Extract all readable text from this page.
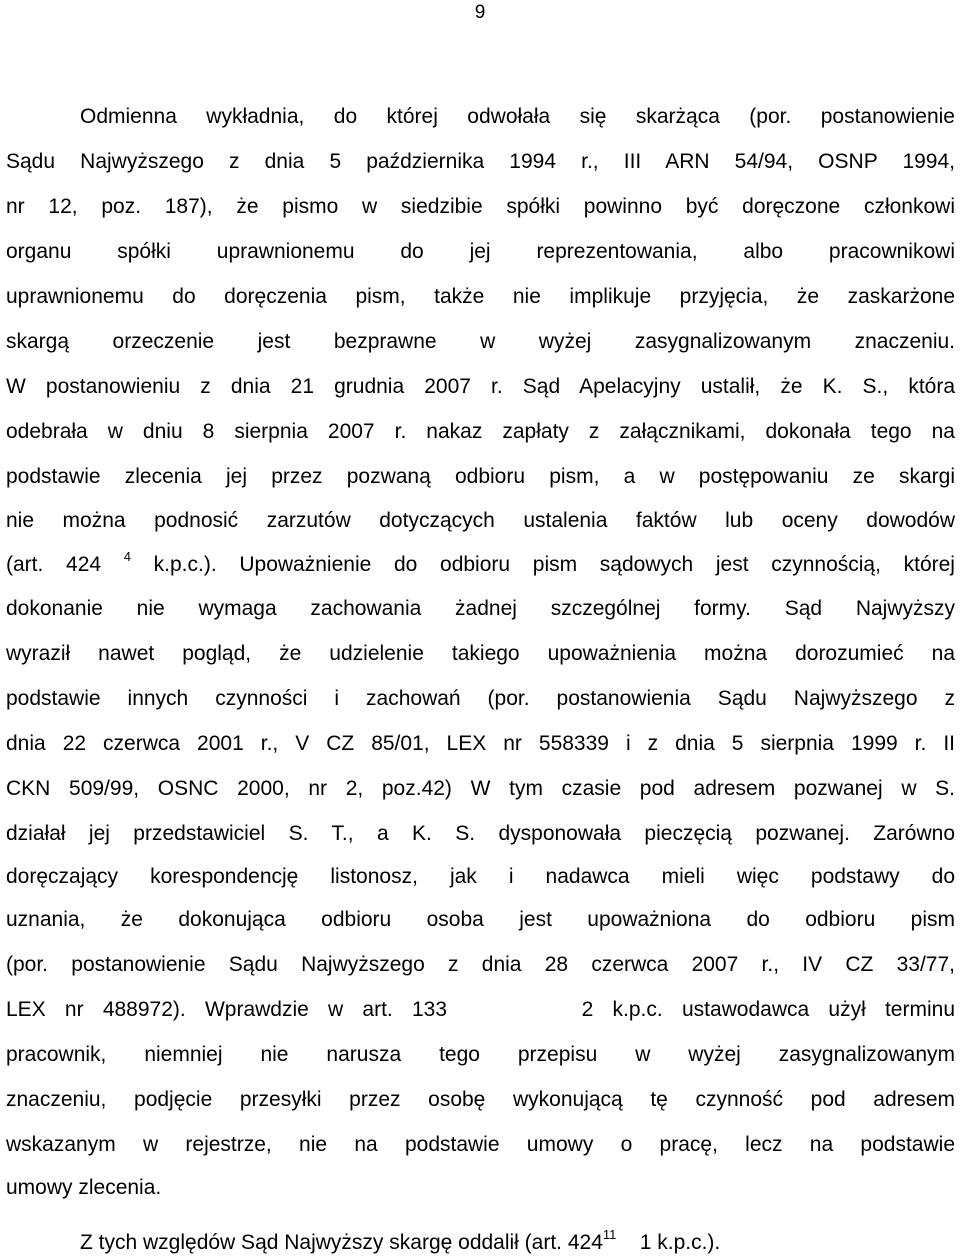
9
Odmienna wykładnia, do której odwołała się skarżąca (por. postanowienie
Sądu Najwyższego z dnia 5 października 1994 r., III ARN 54/94, OSNP 1994,
nr 12, poz. 187), że pismo w siedzibie spółki powinno być doręczone członkowi
organu spółki uprawnionemu do jej reprezentowania, albo pracownikowi
uprawnionemu do doręczenia pism, także nie implikuje przyjęcia, że zaskarżone
skargą orzeczenie jest bezprawne w wyżej zasygnalizowanym znaczeniu.
W postanowieniu z dnia 21 grudnia 2007 r. Sąd Apelacyjny ustalił, że K. S., która
odebrała w dniu 8 sierpnia 2007 r. nakaz zapłaty z załącznikami, dokonała tego na
podstawie zlecenia jej przez pozwaną odbioru pism, a w postępowaniu ze skargi
nie można podnosić zarzutów dotyczących ustalenia faktów lub oceny dowodów
(art. 424 $^4$ k.p.c.). Upoważnienie do odbioru pism sądowych jest czynnością, której
dokonanie nie wymaga zachowania żadnej szczególnej formy. Sąd Najwyższy
wyraził nawet pogląd, że udzielenie takiego upoważnienia można dorozumieć na
podstawie innych czynności i zachowań (por. postanowienia Sądu Najwyższego z
dnia 22 czerwca 2001 r., V CZ 85/01, LEX nr 558339 i z dnia 5 sierpnia 1999 r. II
CKN 509/99, OSNC 2000, nr 2, poz.42) W tym czasie pod adresem pozwanej w S.
działał jej przedstawiciel S. T., a K. S. dysponowała pieczęcią pozwanej. Zarówno
doręczający korespondencję listonosz, jak i nadawca mieli więc podstawy do
uznania, że dokonująca odbioru osoba jest upoważniona do odbioru pism
(por. postanowienie Sądu Najwyższego z dnia 28 czerwca 2007 r., IV CZ 33/77,
LEX nr 488972). Wprawdzie w art. 133	2 k.p.c. ustawodawca użył terminu
pracownik, niemniej nie narusza tego przepisu w wyżej zasygnalizowanym
znaczeniu, podjęcie przesyłki przez osobę wykonującą tę czynność pod adresem
wskazanym w rejestrze, nie na podstawie umowy o pracę, lecz na podstawie
umowy zlecenia.
Z tych względów Sąd Najwyższy skargę oddalił (art. $424^{11}$ 1 k.p.c.).
